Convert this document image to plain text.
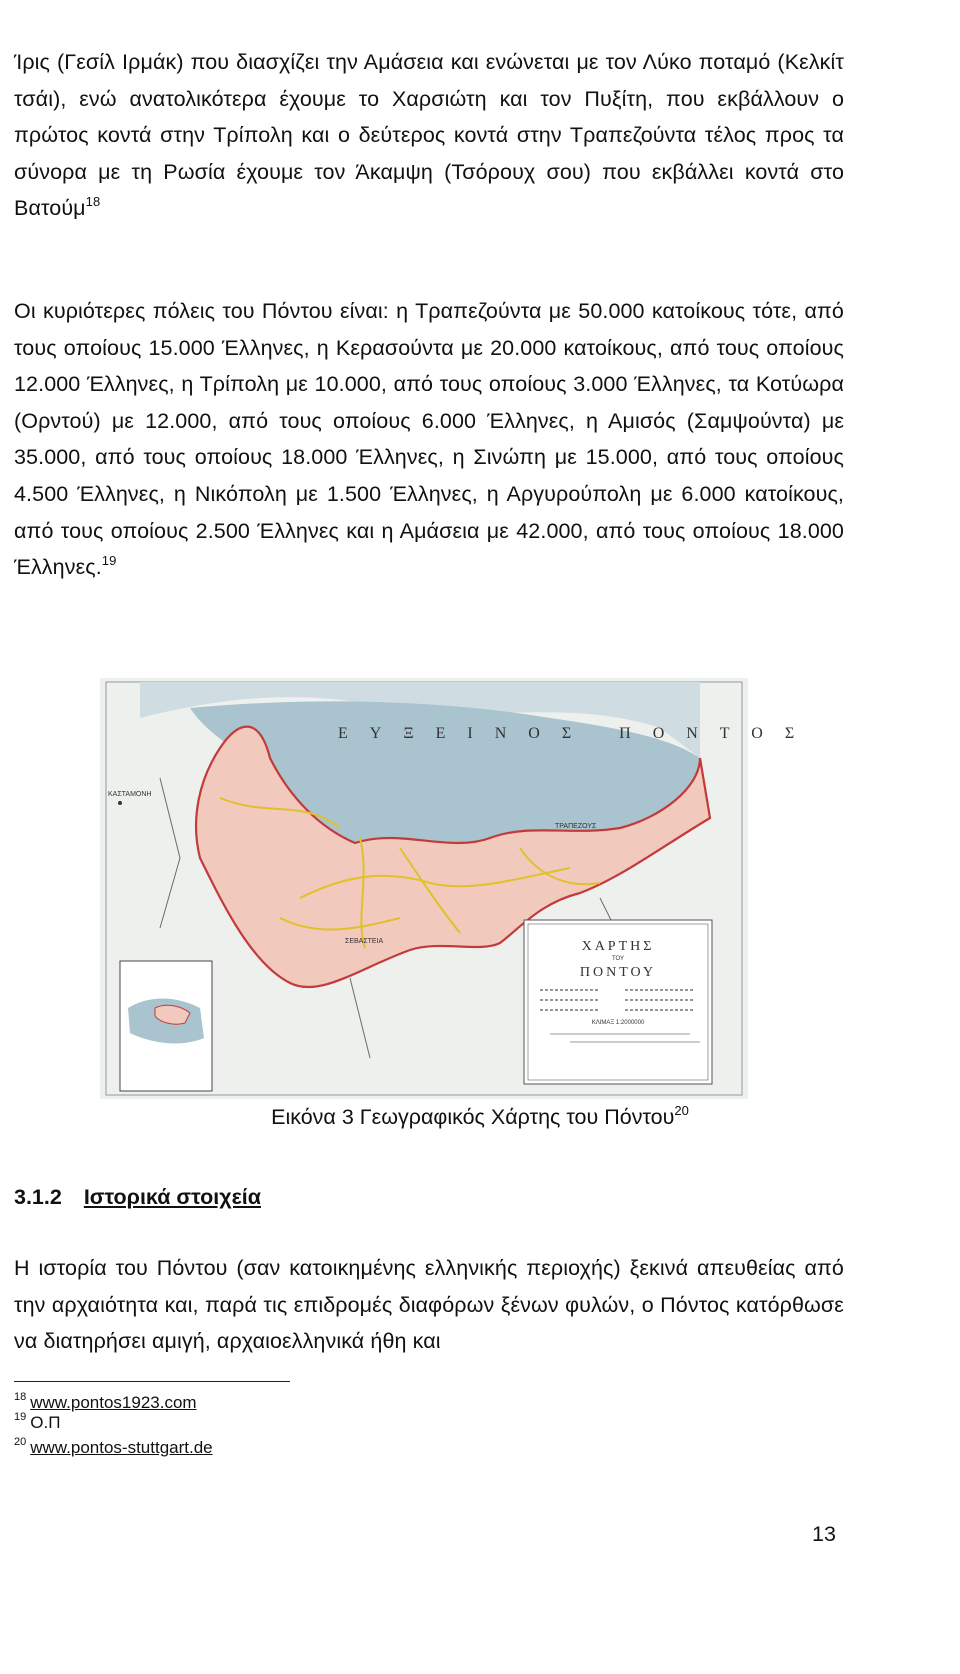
Ίρις (Γεσίλ Ιρμάκ) που διασχίζει την Αμάσεια και ενώνεται με τον Λύκο ποταμό (Κελκίτ τσάι), ενώ ανατολικότερα έχουμε το Χαρσιώτη και τον Πυξίτη, που εκβάλλουν ο πρώτος κοντά στην Τρίπολη και ο δεύτερος κοντά στην Τραπεζούντα τέλος προς τα σύνορα με τη Ρωσία έχουμε τον Άκαμψη (Τσόρουχ σου) που εκβάλλει κοντά στο Βατούμ$^{18}$
Οι κυριότερες πόλεις του Πόντου είναι: η Τραπεζούντα με 50.000 κατοίκους τότε, από τους οποίους 15.000 Έλληνες, η Κερασούντα με 20.000 κατοίκους, από τους οποίους 12.000 Έλληνες, η Τρίπολη με 10.000, από τους οποίους 3.000 Έλληνες, τα Κοτύωρα (Ορντού) με 12.000, από τους οποίους 6.000 Έλληνες, η Αμισός (Σαμψούντα) με 35.000, από τους οποίους 18.000 Έλληνες, η Σινώπη με 15.000, από τους οποίους 4.500 Έλληνες, η Νικόπολη με 1.500 Έλληνες, η Αργυρούπολη με 6.000 κατοίκους, από τους οποίους 2.500 Έλληνες και η Αμάσεια με 42.000, από τους οποίους 18.000 Έλληνες.$^{19}$
ΕΥΞΕΙΝΟΣ ΠΟΝΤΟΣ
ΚΑΣΤΑΜΟΝΗ
ΣΕΒΑΣΤΕΙΑ
ΤΡΑΠΕΖΟΥΣ
ΧΑΡΤΗΣ
ΤΟΥ
ΠΟΝΤΟΥ
ΚΛΙΜΑΞ 1:2000000
Εικόνα 3 Γεωγραφικός Χάρτης του Πόντου$^{20}$
3.1.2 Ιστορικά στοιχεία
Η ιστορία του Πόντου (σαν κατοικημένης ελληνικής περιοχής) ξεκινά απευθείας από την αρχαιότητα και, παρά τις επιδρομές διαφόρων ξένων φυλών, ο Πόντος κατόρθωσε να διατηρήσει αμιγή, αρχαιοελληνικά ήθη και
$^{18}$ www.pontos1923.com
$^{19}$ Ο.Π
$^{20}$ www.pontos-stuttgart.de
13
